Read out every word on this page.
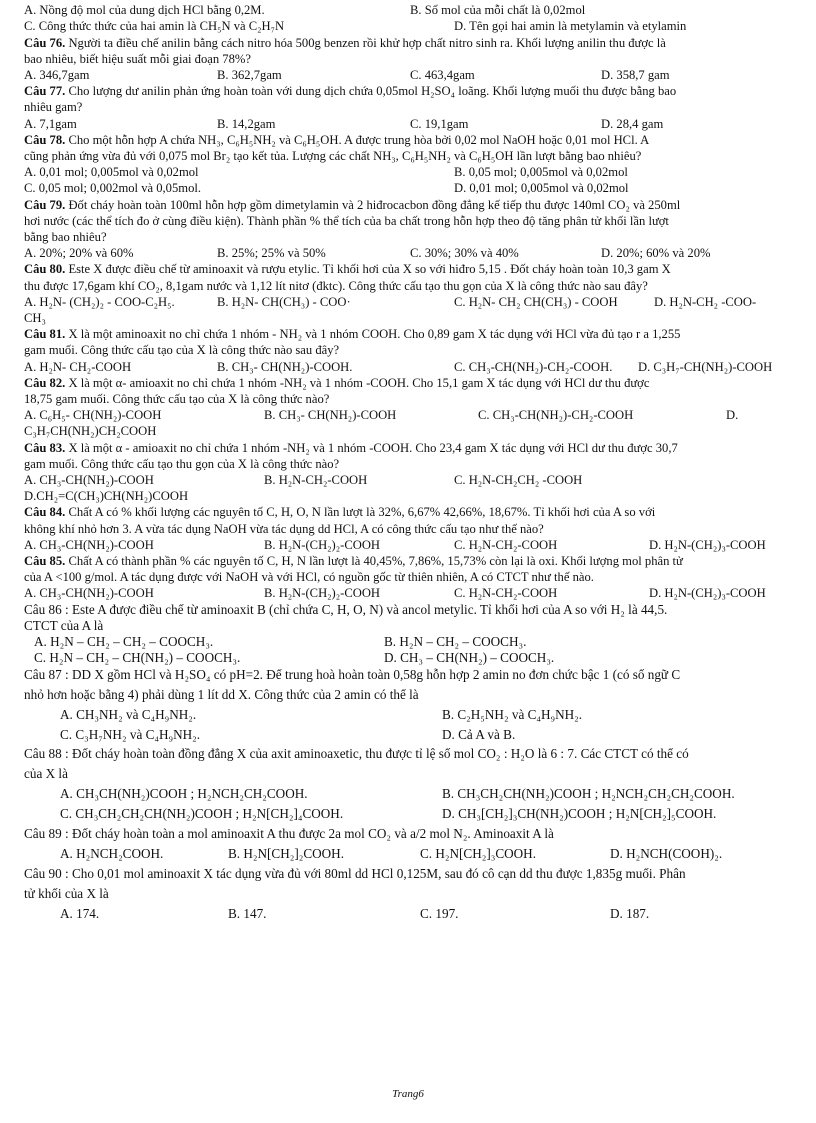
A. Nồng độ mol của dung dịch HCl bằng 0,2M.	B. Số mol của mỗi chất là 0,02mol
C. Công thức thức của hai amin là CH₅N và C₂H₇N	D. Tên gọi hai amin là metylamin và etylamin
Câu 76. Người ta điều chế anilin bằng cách nitro hóa 500g benzen rồi khử hợp chất nitro sinh ra. Khối lượng anilin thu được là
bao nhiêu, biết hiệu suất mỗi giai đoạn 78%?
A. 346,7gam	B. 362,7gam	C. 463,4gam	D. 358,7 gam
Câu 77. Cho lượng dư anilin phản ứng hoàn toàn với dung dịch chứa 0,05mol H₂SO₄ loãng. Khối lượng muối thu được bằng bao
nhiêu gam?
A. 7,1gam	B. 14,2gam	C. 19,1gam	D. 28,4 gam
Câu 78. Cho một hỗn hợp A chứa NH₃, C₆H₅NH₂ và C₆H₅OH. A được trung hòa bởi 0,02 mol NaOH hoặc 0,01 mol HCl. A
cũng phản ứng vừa đủ với 0,075 mol Br₂ tạo kết tủa. Lượng các chất NH₃, C₆H₅NH₂ và C₆H₅OH lần lượt bằng bao nhiêu?
A. 0,01 mol; 0,005mol và 0,02mol	B. 0,05 mol; 0,005mol và 0,02mol
C. 0,05 mol; 0,002mol và 0,05mol.	D. 0,01 mol; 0,005mol và 0,02mol
Câu 79. Đốt cháy hoàn toàn 100ml hỗn hợp gồm dimetylamin và 2 hiđrocacbon đồng đẳng kế tiếp thu được 140ml CO₂ và 250ml
hơi nước (các thể tích đo ở cùng điều kiện). Thành phần % thể tích của ba chất trong hỗn hợp theo độ tăng phân tử khối lần lượt
bằng bao nhiêu?
A. 20%; 20% và 60%	B. 25%; 25% và 50%	C. 30%; 30% và 40%	D. 20%; 60% và 20%
Câu 80. Este X được điều chế từ aminoaxit và rượu etylic. Tỉ khối hơi của X so với hiđro 5,15 . Đốt cháy hoàn toàn 10,3 gam X
thu được 17,6gam khí CO₂, 8,1gam nước và 1,12 lít nitơ (đktc). Công thức cấu tạo thu gọn của X là công thức nào sau đây?
A. H₂N- (CH₂)₂ - COO-C₂H₅.	B. H₂N- CH(CH₃) - COO·	C. H₂N- CH₂ CH(CH₃) - COOH	D. H₂N-CH₂ -COO-
CH₃
Câu 81. X là một aminoaxit no chỉ chứa 1 nhóm - NH₂ và 1 nhóm COOH. Cho 0,89 gam X tác dụng với HCl vừa đủ tạo r a 1,255
gam muối. Công thức cấu tạo của X là công thức nào sau đây?
A. H₂N- CH₂-COOH	B. CH₃- CH(NH₂)-COOH.	C. CH₃-CH(NH₂)-CH₂-COOH. D. C₃H₇-CH(NH₂)-COOH
Câu 82. X là một α- amioaxit no chỉ chứa 1 nhóm -NH₂ và 1 nhóm -COOH. Cho 15,1 gam X tác dụng với HCl dư thu được
18,75 gam muối. Công thức cấu tạo của X là công thức nào?
A. C₆H₅- CH(NH₂)-COOH	B. CH₃- CH(NH₂)-COOH	C. CH₃-CH(NH₂)-CH₂-COOH	D.
C₃H₇CH(NH₂)CH₂COOH
Câu 83. X là một α - amioaxit no chỉ chứa 1 nhóm -NH₂ và 1 nhóm -COOH. Cho 23,4 gam X tác dụng với HCl dư thu được 30,7
gam muối. Công thức cấu tạo thu gọn của X là công thức nào?
A. CH₃-CH(NH₂)-COOH	B. H₂N-CH₂-COOH	C. H₂N-CH₂CH₂ -COOH
D.CH₂=C(CH₃)CH(NH₂)COOH
Câu 84. Chất A có % khối lượng các nguyên tố C, H, O, N lần lượt là 32%, 6,67% 42,66%, 18,67%. Tỉ khối hơi của A so với
không khí nhỏ hơn 3. A vừa tác dụng NaOH vừa tác dụng dd HCl, A có công thức cấu tạo như thế nào?
A. CH₃-CH(NH₂)-COOH	B. H₂N-(CH₂)₂-COOH	C. H₂N-CH₂-COOH	D. H₂N-(CH₂)₃-COOH
Câu 85. Chất A có thành phần % các nguyên tố C, H, N lần lượt là 40,45%, 7,86%, 15,73% còn lại là oxi. Khối lượng mol phân tử
của A <100 g/mol. A tác dụng được với NaOH và với HCl, có nguồn gốc từ thiên nhiên, A có CTCT như thế nào.
A. CH₃-CH(NH₂)-COOH	B. H₂N-(CH₂)₂-COOH	C. H₂N-CH₂-COOH	D. H₂N-(CH₂)₃-COOH
Câu 86 : Este A được điều chế từ aminoaxit B (chỉ chứa C, H, O, N) và ancol metylic. Tỉ khối hơi của A so với H₂ là 44,5.
CTCT của A là
A. H₂N – CH₂ – CH₂ – COOCH₃.	B. H₂N – CH₂ – COOCH₃.
C. H₂N – CH₂ – CH(NH₂) – COOCH₃.	D. CH₃ – CH(NH₂) – COOCH₃.
Câu 87 : DD X gồm HCl và H₂SO₄ có pH=2. Để trung hoà hoàn toàn 0,58g hỗn hợp 2 amin no đơn chức bậc 1 (có số ngữ C
nhỏ hơn hoặc bằng 4) phải dùng 1 lít dd X. Công thức của 2 amin có thể là
A. CH₃NH₂ và C₄H₉NH₂.	B. C₂H₅NH₂ và C₄H₉NH₂.
C. C₃H₇NH₂ và C₄H₉NH₂.	D. Cả A và B.
Câu 88 : Đốt cháy hoàn toàn đồng đẳng X của axit aminoaxetic, thu được tỉ lệ số mol CO₂ : H₂O là 6 : 7. Các CTCT có thể có
của X là
A. CH₃CH(NH₂)COOH ; H₂NCH₂CH₂COOH.	B. CH₃CH₂CH(NH₂)COOH ; H₂NCH₂CH₂CH₂COOH.
C. CH₃CH₂CH₂CH(NH₂)COOH ; H₂N[CH₂]₄COOH.	D. CH₃[CH₂]₃CH(NH₂)COOH ; H₂N[CH₂]₅COOH.
Câu 89 : Đốt cháy hoàn toàn a mol aminoaxit A thu được 2a mol CO₂ và a/2 mol N₂. Aminoaxit A là
A. H₂NCH₂COOH.	B. H₂N[CH₂]₂COOH.	C. H₂N[CH₂]₃COOH.	D. H₂NCH(COOH)₂.
Câu 90 : Cho 0,01 mol aminoaxit X tác dụng vừa đủ với 80ml dd HCl 0,125M, sau đó cô cạn dd thu được 1,835g muối. Phân
tử khối của X là
A. 174.	B. 147.	C. 197.	D. 187.
Trang6
